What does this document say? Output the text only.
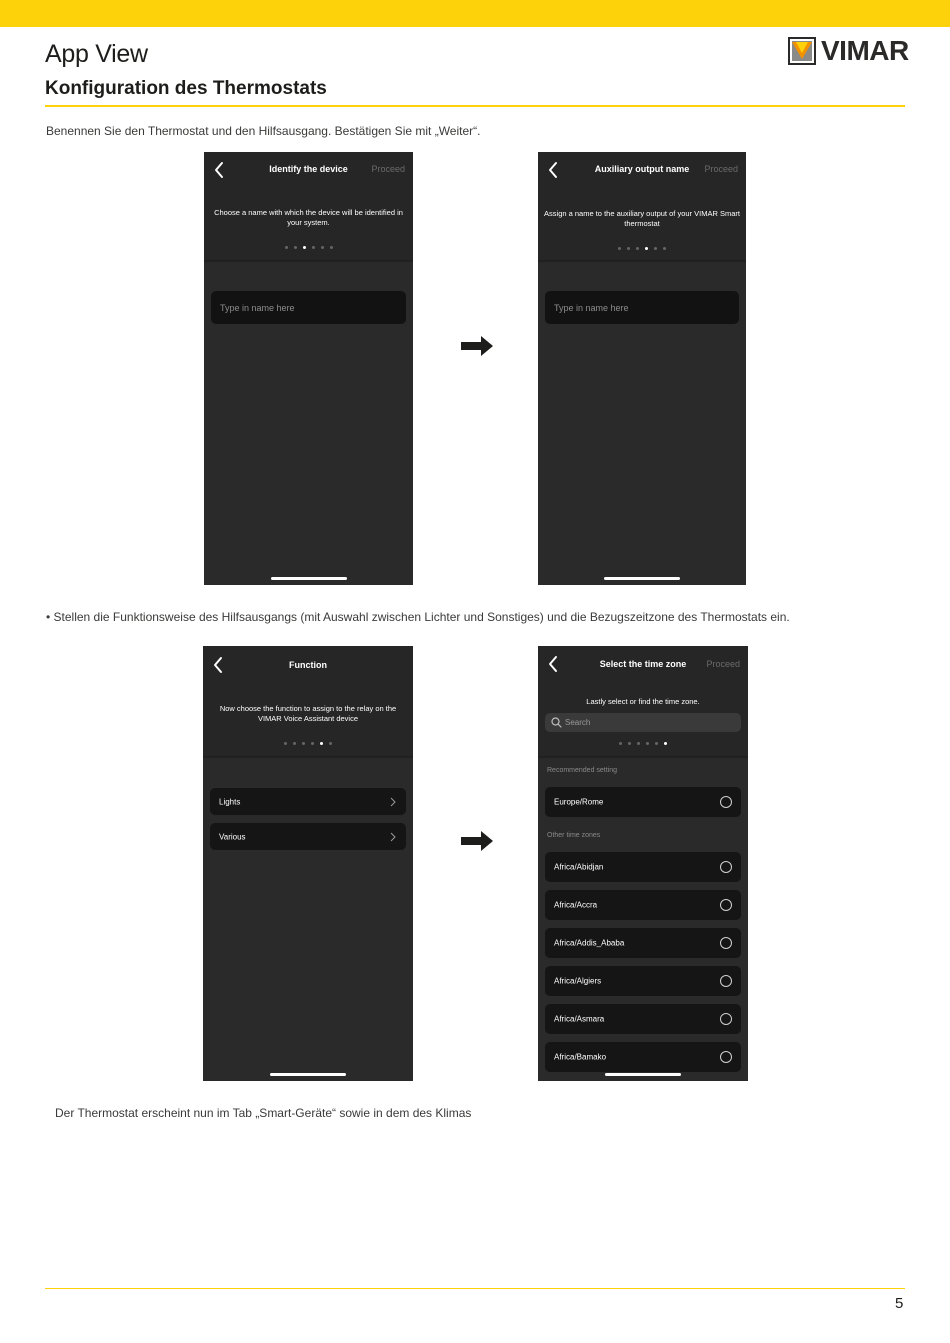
App View	VIMAR
Konfiguration des Thermostats
Benennen Sie den Thermostat und den Hilfsausgang. Bestätigen Sie mit „Weiter“.
Identify the device	Proceed
Choose a name with which the device will be identified in your system.
Type in name here
Auxiliary output name	Proceed
Assign a name to the auxiliary output of your VIMAR Smart thermostat
Type in name here
• Stellen die Funktionsweise des Hilfsausgangs (mit Auswahl zwischen Lichter und Sonstiges) und die Bezugszeitzone des Thermostats ein.
Function
Now choose the function to assign to the relay on the VIMAR Voice Assistant device
Lights
Various
Select the time zone	Proceed
Lastly select or find the time zone.
Search
Recommended setting
Europe/Rome
Other time zones
Africa/Abidjan
Africa/Accra
Africa/Addis_Ababa
Africa/Algiers
Africa/Asmara
Africa/Bamako
Der Thermostat erscheint nun im Tab „Smart-Geräte“ sowie in dem des Klimas
5
